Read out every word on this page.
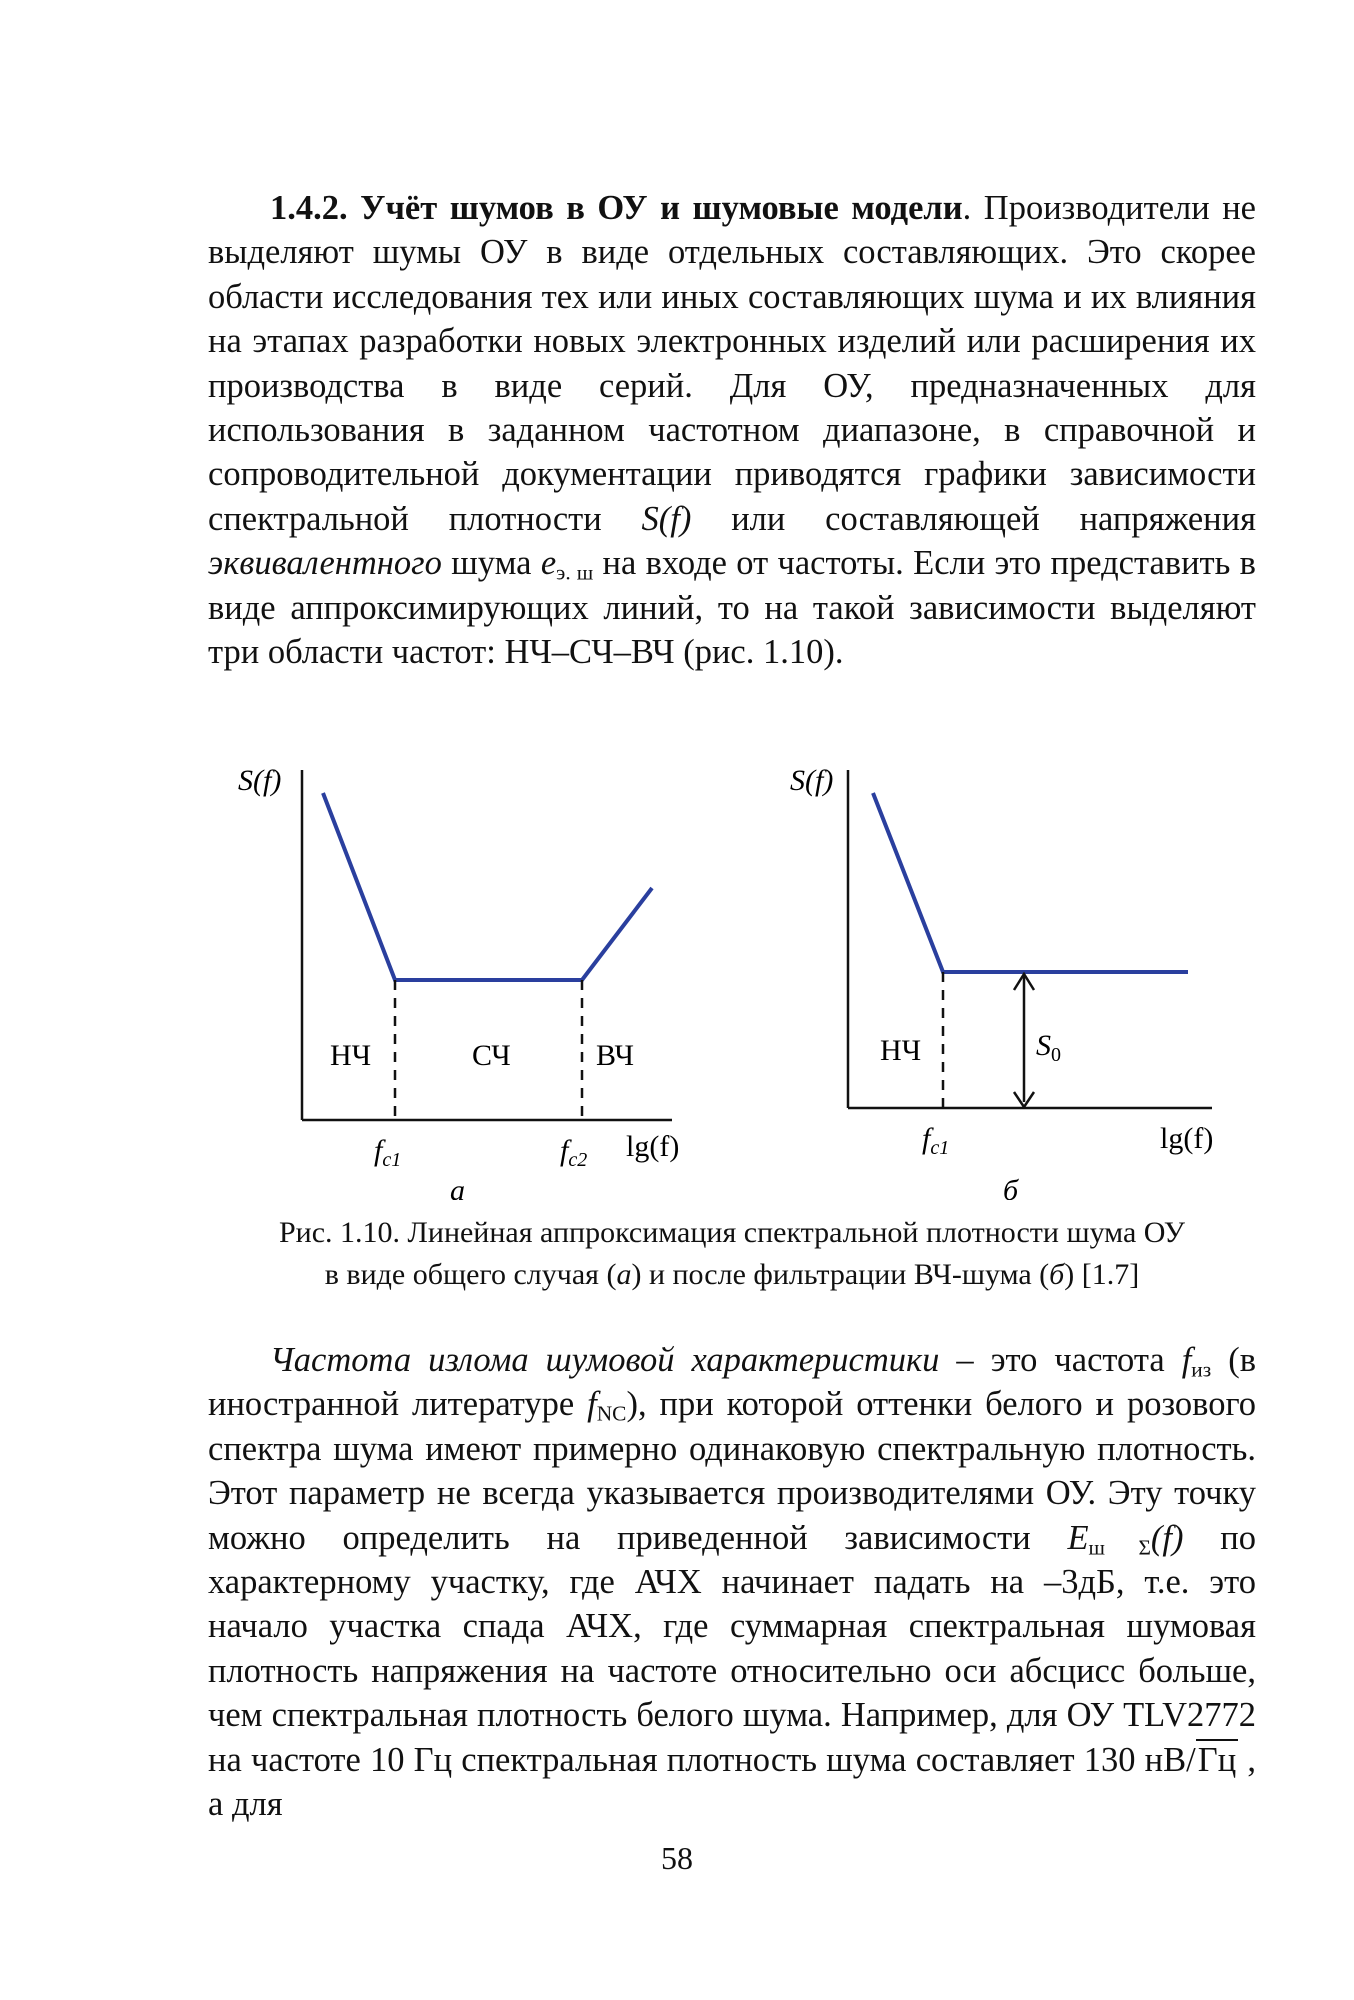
1.4.2. Учёт шумов в ОУ и шумовые модели. Производители не выделяют шумы ОУ в виде отдельных составляющих. Это скорее области исследования тех или иных составляющих шума и их влияния на этапах разработки новых электронных изделий или расширения их производства в виде серий. Для ОУ, предназначенных для использования в заданном частотном диапазоне, в справочной и сопроводительной документации приводятся графики зависимости спектральной плотности S(f) или составляющей напряжения эквивалентного шума $e_{э. ш}$ на входе от частоты. Если это представить в виде аппроксимирующих линий, то на такой зависимости выделяют три области частот: НЧ–СЧ–ВЧ (рис. 1.10).

S(f)
НЧ	СЧ	ВЧ
$f_{c1}$	$f_{c2}$ lg(f)
а
S(f)
НЧ	$S_0$
$f_{c1}$	lg(f)
б
Рис. 1.10. Линейная аппроксимация спектральной плотности шума ОУ
в виде общего случая (а) и после фильтрации ВЧ-шума (б) [1.7]

Частота излома шумовой характеристики – это частота $f_{из}$ (в иностранной литературе $f_{NC}$), при которой оттенки белого и розового спектра шума имеют примерно одинаковую спектральную плотность. Этот параметр не всегда указывается производителями ОУ. Эту точку можно определить на приведенной зависимости $E_{ш \Sigma}(f)$ по характерному участку, где АЧХ начинает падать на –3дБ, т.е. это начало участка спада АЧХ, где суммарная спектральная шумовая плотность напряжения на частоте относительно оси абсцисс больше, чем спектральная плотность белого шума. Например, для ОУ TLV2772 на частоте 10 Гц спектральная плотность шума составляет 130 нВ/Гц , а для

58
